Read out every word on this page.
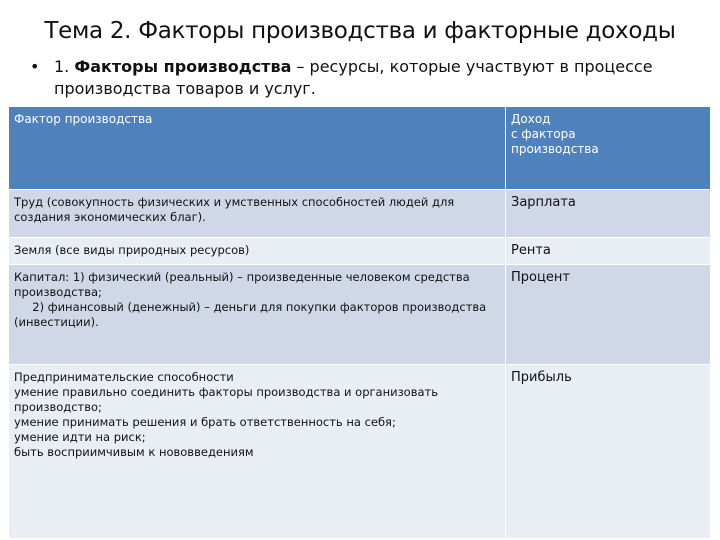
Тема 2. Факторы производства и факторные доходы
• 1. Факторы производства – ресурсы, которые участвуют в процессе производства товаров и услуг.
Фактор производства	Доход
с фактора
производства

Труд (совокупность физических и умственных способностей людей для создания экономических благ).	Зарплата

Земля (все виды природных ресурсов)	Рента

Капитал: 1) физический (реальный) – произведенные человеком средства производства;
2) финансовый (денежный) – деньги для покупки факторов производства (инвестиции).	Процент

Предпринимательские способности
умение правильно соединить факторы производства и организовать производство;
умение принимать решения и брать ответственность на себя;
умение идти на риск;
быть восприимчивым к нововведениям	Прибыль
